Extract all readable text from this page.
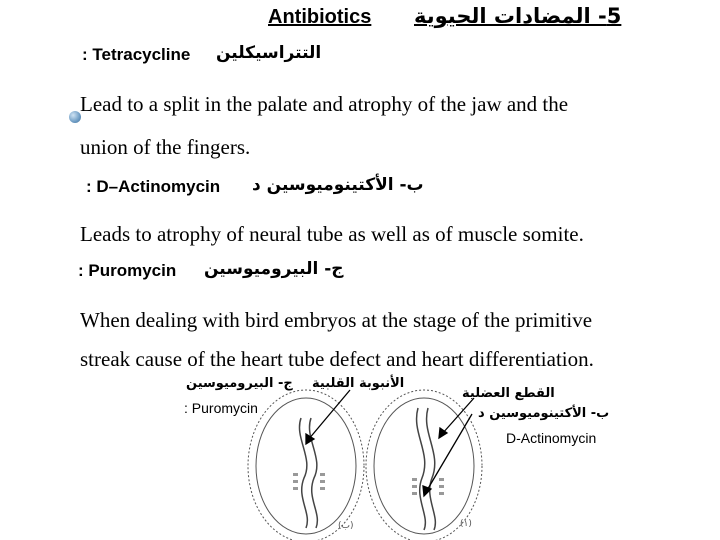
Antibiotics 5- المضادات الحيوية
: Tetracycline التتراسيكلين
Lead to a split in the palate and atrophy of the jaw and the
union of the fingers.
: D–Actinomycin ب- الأكتينوميوسين د
Leads to atrophy of neural tube as well as of muscle somite.
: Puromycin ج- البيروميوسين
When dealing with bird embryos at the stage of the primitive
streak cause of the heart tube defect and heart differentiation.
ج- البيروميوسين الأنبوبة القلبية
: Puromycin
القطع العضلية
ب- الأكتينوميوسين د
D-Actinomycin
(١)
(ب)
